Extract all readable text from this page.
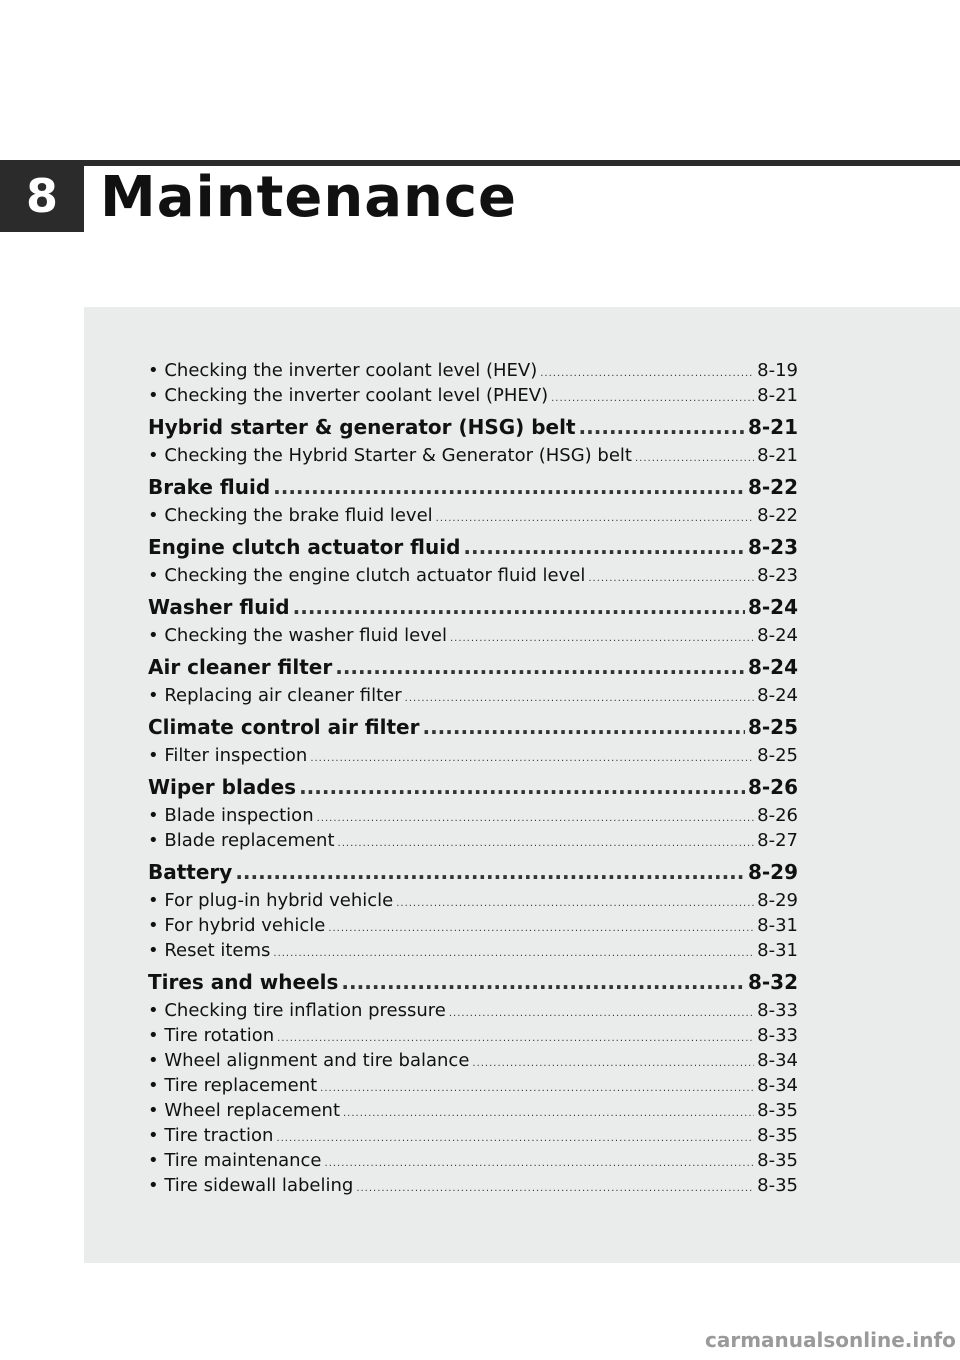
8 Maintenance
• Checking the inverter coolant level (HEV) .....	8-19
• Checking the inverter coolant level (PHEV) .....	8-21
Hybrid starter & generator (HSG) belt .....	8-21
• Checking the Hybrid Starter & Generator (HSG) belt .....	8-21
Brake fluid .....	8-22
• Checking the brake fluid level .....	8-22
Engine clutch actuator fluid .....	8-23
• Checking the engine clutch actuator fluid level .....	8-23
Washer fluid .....	8-24
• Checking the washer fluid level .....	8-24
Air cleaner filter .....	8-24
• Replacing air cleaner filter .....	8-24
Climate control air filter .....	8-25
• Filter inspection .....	8-25
Wiper blades .....	8-26
• Blade inspection .....	8-26
• Blade replacement .....	8-27
Battery .....	8-29
• For plug-in hybrid vehicle .....	8-29
• For hybrid vehicle .....	8-31
• Reset items .....	8-31
Tires and wheels .....	8-32
• Checking tire inflation pressure .....	8-33
• Tire rotation .....	8-33
• Wheel alignment and tire balance .....	8-34
• Tire replacement .....	8-34
• Wheel replacement .....	8-35
• Tire traction .....	8-35
• Tire maintenance .....	8-35
• Tire sidewall labeling .....	8-35
carmanualsonline.info
